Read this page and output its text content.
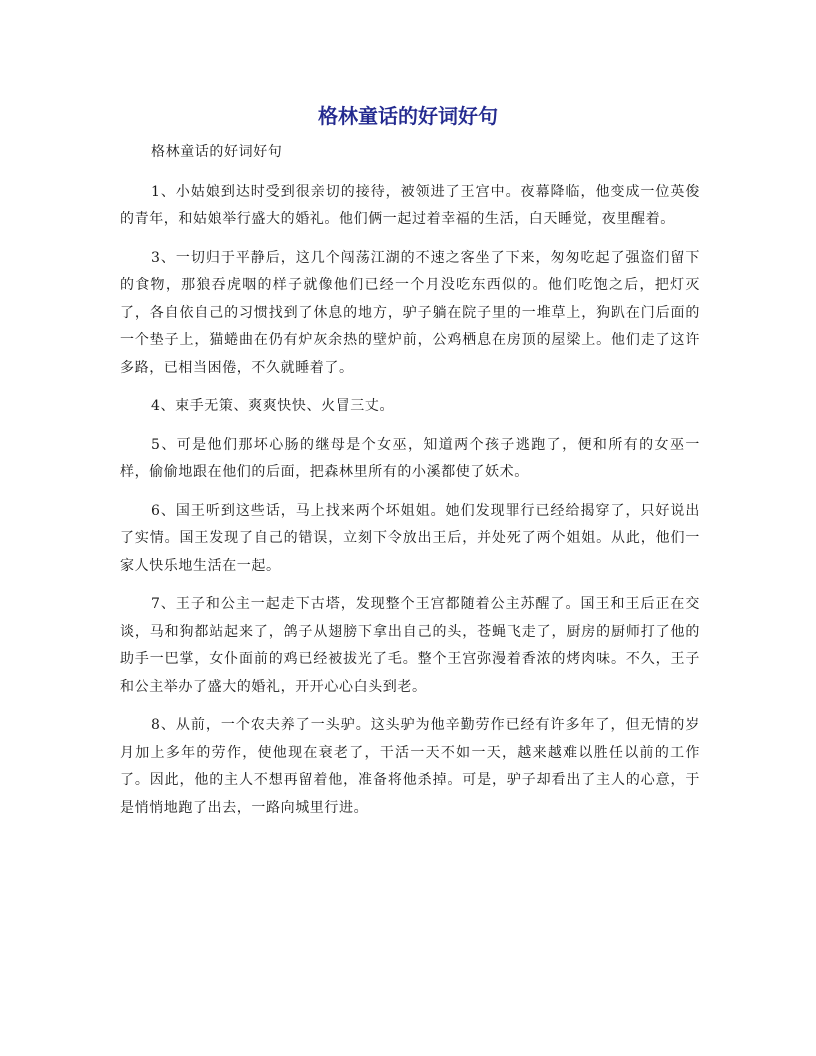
格林童话的好词好句

格林童话的好词好句

1、小姑娘到达时受到很亲切的接待，被领进了王宫中。夜幕降临，他变成一位英俊的青年，和姑娘举行盛大的婚礼。他们俩一起过着幸福的生活，白天睡觉，夜里醒着。

3、一切归于平静后，这几个闯荡江湖的不速之客坐了下来，匆匆吃起了强盗们留下的食物，那狼吞虎咽的样子就像他们已经一个月没吃东西似的。他们吃饱之后，把灯灭了，各自依自己的习惯找到了休息的地方，驴子躺在院子里的一堆草上，狗趴在门后面的一个垫子上，猫蜷曲在仍有炉灰余热的壁炉前，公鸡栖息在房顶的屋梁上。他们走了这许多路，已相当困倦，不久就睡着了。

4、束手无策、爽爽快快、火冒三丈。

5、可是他们那坏心肠的继母是个女巫，知道两个孩子逃跑了，便和所有的女巫一样，偷偷地跟在他们的后面，把森林里所有的小溪都使了妖术。

6、国王听到这些话，马上找来两个坏姐姐。她们发现罪行已经给揭穿了，只好说出了实情。国王发现了自己的错误，立刻下令放出王后，并处死了两个姐姐。从此，他们一家人快乐地生活在一起。

7、王子和公主一起走下古塔，发现整个王宫都随着公主苏醒了。国王和王后正在交谈，马和狗都站起来了，鸽子从翅膀下拿出自己的头，苍蝇飞走了，厨房的厨师打了他的助手一巴掌，女仆面前的鸡已经被拔光了毛。整个王宫弥漫着香浓的烤肉味。不久，王子和公主举办了盛大的婚礼，开开心心白头到老。

8、从前，一个农夫养了一头驴。这头驴为他辛勤劳作已经有许多年了，但无情的岁月加上多年的劳作，使他现在衰老了，干活一天不如一天，越来越难以胜任以前的工作了。因此，他的主人不想再留着他，准备将他杀掉。可是，驴子却看出了主人的心意，于是悄悄地跑了出去，一路向城里行进。
